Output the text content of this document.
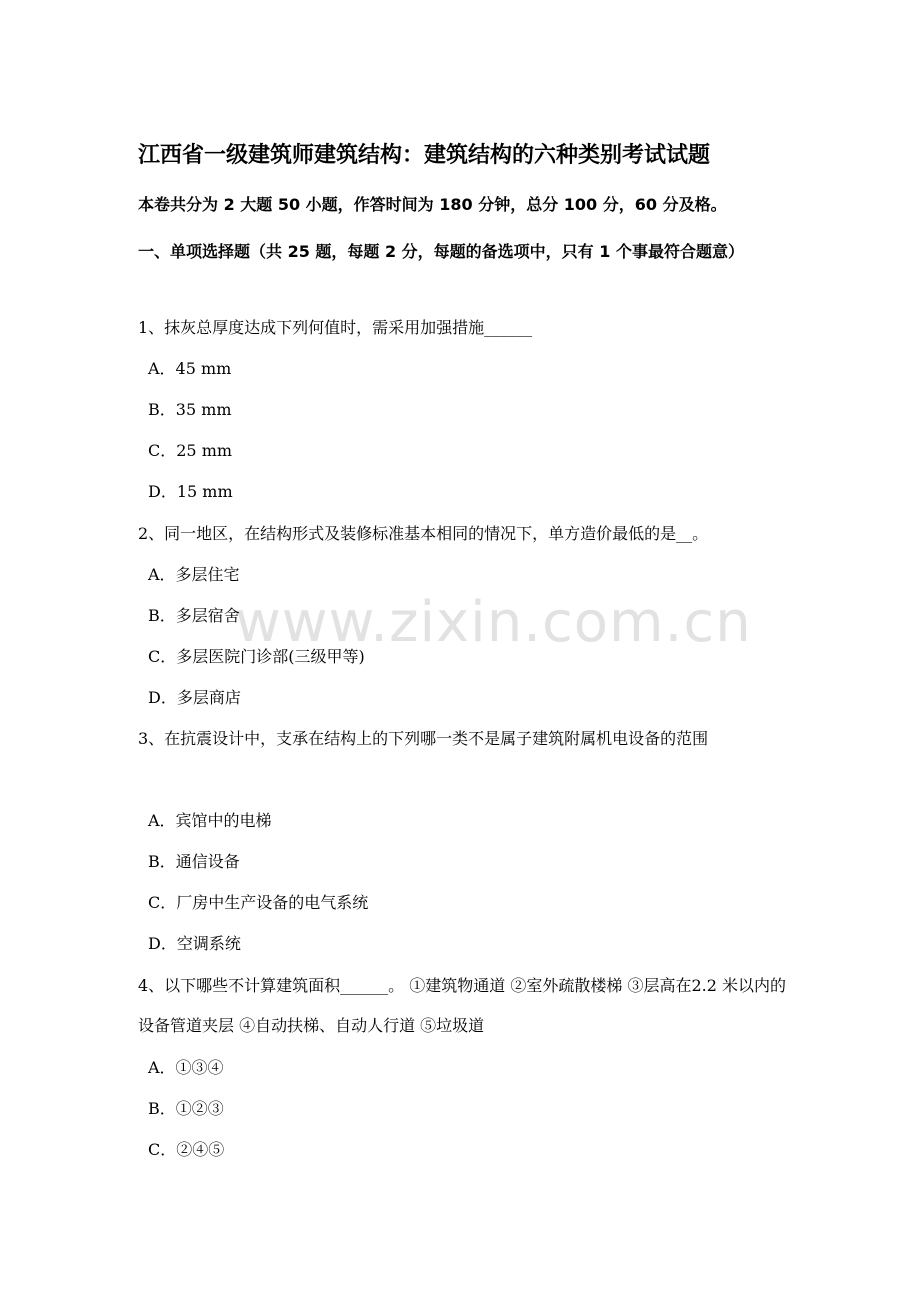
www.zixin.com.cn
江西省一级建筑师建筑结构：建筑结构的六种类别考试试题
本卷共分为 2 大题 50 小题，作答时间为 180 分钟，总分 100 分，60 分及格。
一、单项选择题（共 25 题，每题 2 分，每题的备选项中，只有 1 个事最符合题意）
1、抹灰总厚度达成下列何值时，需采用加强措施______
A．45 mm
B．35 mm
C．25 mm
D．15 mm
2、同一地区，在结构形式及装修标准基本相同的情况下，单方造价最低的是__。
A．多层住宅
B．多层宿舍
C．多层医院门诊部(三级甲等)
D．多层商店
3、在抗震设计中，支承在结构上的下列哪一类不是属子建筑附属机电设备的范围
A．宾馆中的电梯
B．通信设备
C．厂房中生产设备的电气系统
D．空调系统
4、以下哪些不计算建筑面积______。 ①建筑物通道 ②室外疏散楼梯 ③层高在2.2 米以内的设备管道夹层 ④自动扶梯、自动人行道 ⑤垃圾道
A．①③④
B．①②③
C．②④⑤
